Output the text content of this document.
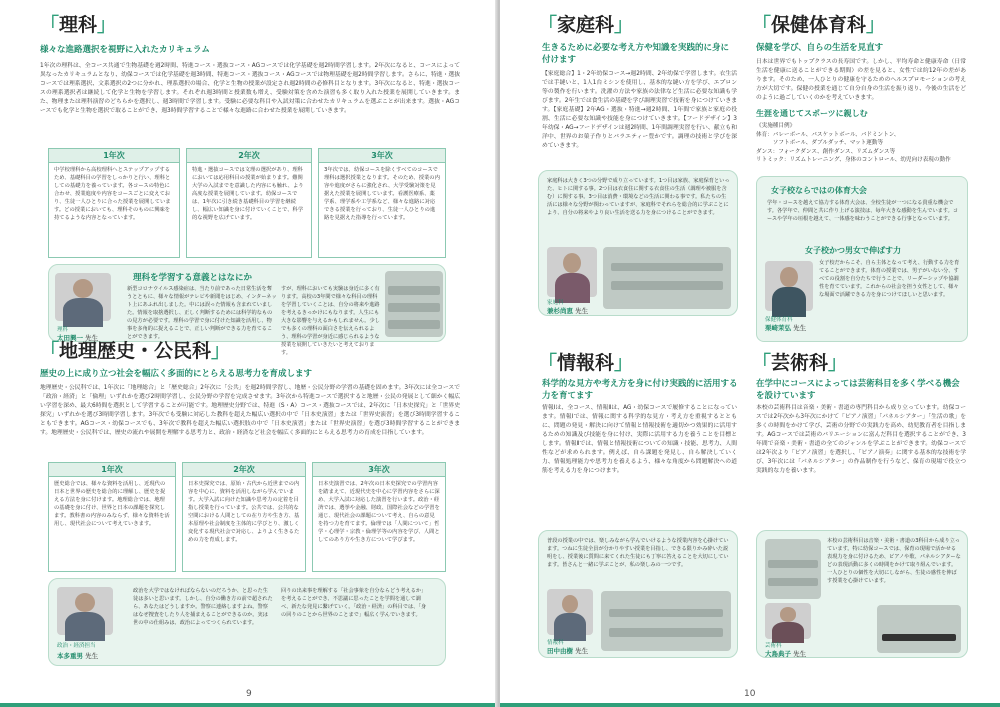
「理科」
様々な進路選択を視野に入れたカリキュラム
1年次の理科は、全コース共通で生物基礎を週2時間、特進コース・選抜コース・AGコースでは化学基礎を週2時間学習します。2年次になると、コースによって異なったカリキュラムとなり、幼保コースでは化学基礎を週3時間、特進コース・選抜コース・AGコースでは物理基礎を週2時間学習します。さらに、特進・選抜コースでは理系選択、文系選択の2つに分かれ、理系選択の場合、化学と生物の授業が設定され週2時間の必修科目となります。3年次になると、特進・選抜コースの理系選択者は継続して化学と生物を学習します。それぞれ週3時間と授業数も増え、受験対策を含めた演習も多く取り入れた授業を展開していきます。また、物理または理科演習のどちらかを選択し、週3時間で学習します。受験に必要な科目や入試対策に合わせたカリキュラムを選ぶことが出来ます。選抜・AGコースでも化学と生物を選択で取ることができ、週3時間学習することで様々な進路に合わせた授業を展開していきます。
1年次
中学校理科から高校理科へとステップアップするため、基礎科目の学習をしっかりと行い、理科としての基礎力を養っています。各コースの特色に合わせ、授業進度や内容をコースごとに変えており、生徒一人ひとりに合った授業を展開しています。どの授業においても、理科そのものに興味を持てるような内容となっています。
2年次
特進・選抜コースでは文理の選択があり、理科においては応用科目の授業が始まります。難関大学の入試までを意識した内容にも触れ、より高度な授業を展開しています。幼保コースでは、1年次に引き続き基礎科目の学習を継続し、幅広い知識を身に付けていくことで、科学的な視野を広げています。
3年次
3年次では、幼保コースを除くすべてのコースで理科は選択授業となります。そのため、授業の内容や進度がさらに強化され、大学受験対策を見据えた授業を展開しています。看護医療系、薬学系、理学系や工学系など、様々な進路に対応できる授業を行っており、生徒一人ひとりの進路を見据えた指導を行っています。
理科
太田興一 先生
理科を学習する意義とはなにか
新型コロナウイルス感染症は、当たり前であった日常生活を奪うとともに、様々な情報がテレビや新聞をはじめ、インターネット上にあふれ出しました。中には誤った情報も含まれていました。情報を取捨選択し、正しく判断するためには科学的なものの見方が必要です。理科の学習で身に付けた知識を活用し、物事を多角的に捉えることで、正しい判断ができる力を育てることができます。
すが、理科においても実験は身近に多く有ります。高校の3年間で様々な科目の理科を学習していくことは、自分の将来や進路を考えるきっかけにもなります。人生にも大きな影響を与えるかもしれません。少しでも多くの理科の面白さを伝えられるよう、理科の学習が身近に感じられるような授業を展開していきたいと考えております。
「地理歴史・公民科」
歴史の上に成り立つ社会を幅広く多面的にとらえる思考力を育成します
地理歴史・公民科では、1年次に「地理総合」と「歴史総合」2年次に「公共」を週2時間学習し、地歴・公民分野の学習の基礎を固めます。3年次には全コースで「政治・経済」と「倫理」いずれかを選び2時間学習し、公民分野の学習を完成させます。3年次から特進コースで選択すると地歴・公民の発展として細かく幅広い学習を深め、最大6時間を選択として学習することが可能です。地理歴史分野では、特進（S・A）コース・選抜コースでは、2年次に「日本史探究」と「世界史探究」いずれかを選び3時間学習します。3年次でも受験に対応した教科を超えた幅広い選択の中で「日本史演習」または「世界史演習」を選び3時間学習することもできます。AGコース・幼保コースでも、3年次で教科を超えた幅広い選択肢の中で「日本史演習」または「世界史演習」を選び3時間学習することができます。地理歴史・公民科では、歴史の流れや展開を理解する思考力と、政治・経済など社会を幅広く多面的にとらえる思考力の育成を目指しています。
1年次
歴史総合では、様々な資料を活用し、近現代の日本と世界の歴史を総合的に理解し、歴史を捉える方法を身に付けます。地理総合では、地理の基礎を身に付け、世界と日本の課題を探究します。教科書の内容のみならず、様々な資料を活用し、現代社会について考えていきます。
2年次
日本史探究では、原始・古代から近世までの内容を中心に、資料を活用しながら学んでいます。大学入試に向けた知識や思考力の定着を目指し授業を行っています。公共では、公共的な空間における人間としての在り方や生き方、基本原理や社会制度を主体的に学びとり、激しく変化する現代社会で対応し、よりよく生きるための力を育成します。
3年次
日本史演習では、2年次の日本史探究での学習内容を踏まえて、近現代史を中心に学習内容をさらに深め、大学入試に対応した演習を行います。政治・経済では、選挙や金融、財政、国際社会などの学習を通じ、現代社会の課題について考え、自らの意見を持つ力を育てます。倫理では「人間について」哲学・心理学・宗教・倫理学等の内容を学び、人間としてのあり方や生き方について学びます。
政治・経済担当
本多重男 先生
政治を大学ではなければならないのだろうか、と思った生徒は多いと思います。しかし、自分の働き方の前で超されたら、あなたはどうしますか。警察に連絡しますよね。警察はなぜ捜査をしたり人を捕まえることができるのか。実は世の中の仕組みは、政治によってつくられています。
回りの出来事を理解する「社会事象を自分ならどう考えるか」を考えることができ、不思議に思ったことを学問を通して調べ、新たな発見に繋げていく。「政治・経済」の科目では、「身の回りのことから世界のことまで」幅広く学んでいきます。
9
「家庭科」
生きるために必要な考え方や知識を実践的に身に付けます
【家庭総合】1・2年幼保コース→週2時間、2年幼保で学習します。衣生活では手縫いと、1人1台ミシンを使用し、基本的な縫い方を学び、エプロン等の製作を行います。洗濯の方法や家族の法律など生活に必要な知識も学びます。2年生では食生活の基礎を学び調理実習で技術を身につけていきます。【家庭基礎】2年AG・選抜・特進→週2時間、1年間で家族と家庭の役割、生活に必要な知識や技能を身につけていきます。【フードデザイン】3年幼保・AG→フードデザインは週2時間、1年間調理実習を行い、献立も和洋中、世界のお菓子作りとバラエティー豊かです。調理の技術と学びを深めていきます。
家庭科は大きく3つの分野で成り立っています。1つ目は家族、家庭保育といった、ヒトに関する事。2つ目は衣食住に関する衣食住の生活（調理や被服を含む）に関する事。3つ目は消費・環境などの生活に関わる事です。私たちの生活には様々な分野が関わっていますが、家庭科でそれらを総合的に学ぶことにより、自分の将来やより良い生活を送る力を身につけることができます。
家庭科
兼杉尚恵 先生
「保健体育科」
保健を学び、自らの生活を見直す
日本は世界でもトップクラスの長寿国です。しかし、平均寿命と健康寿命（日常生活を健康に送ることができる期間）の差を見ると、女性では約12年の差があります。そのため、一人ひとりの健康を守るためのヘルスプロモーションの考え方が大切です。保健の授業を通じて自分自身の生活を振り返り、今後の生活をどのように過ごしていくのかを考えていきます。
生涯を通じてスポーツに親しむ
《実施種目例》
体育：バレーボール、バスケットボール、バドミントン、
　　　ソフトボール、ダブルダッチ、マット運動等
ダンス：フォークダンス、創作ダンス、リズムダンス等
リトミック：リズムトレーニング、身体のコントロール、幼児向け表現の動作
女子校ならではの体育大会
学年・コースを越えて協力する体育大会は、全校生徒が一つになる貴重な機会です。各学年で、仲間と共に作り上げる演技は、毎年大きな感動を生んでいます。コースや学年の垣根を越えて、一体感を味わうことができる行事となっています。
女子校かつ男女で伸ばす力
女子校だからこそ、自ら主体となって考え、行動する力を育てることができます。体育の授業では、男子がいない分、すべての役割を自分たちで行うことで、リーダーシップや協調性を育てています。これからの社会を担う女性として、様々な場面で活躍できる力を身につけてほしいと思います。
保健体育科
栗崎茉弘 先生
「情報科」
科学的な見方や考え方を身に付け実践的に活用する力を育てます
情報Ⅰは、全コース、情報Ⅱは、AG・幼保コースで履修することになっています。情報Ⅰでは、情報に関する科学的な見方・考え方を重視するとともに、問題の発見・解決に向けて情報と情報技術を適切かつ効果的に活用するための知識及び技能を身に付け、実際に活用する力を養うことを目標とします。情報Ⅱでは、情報と情報技術についての知識・技能、思考力、人間性などが求められます。例えば、自ら課題を発見し、自ら解決していく力、情報処理能力や思考力を養えるよう、様々な角度から問題解決への道筋を考える力を身につけます。
普段の授業の中では、楽しみながら学んでいけるような授業内容を心掛けています。つねに生徒全員が分かりやすい授業を目指し、できる限りかみ砕いた説明をし、授業後に質問に来てくれた生徒にも丁寧に答えることを大切にしています。皆さんと一緒に学ぶことが、私の楽しみの一つです。
情報科
田中由樹 先生
「芸術科」
在学中にコースによっては芸術科目を多く学べる機会を設けています
本校の芸術科目は音楽・美術・書道の専門科目から成り立っています。幼保コースでは2年次から3年次にかけて「ピアノ演習」「パネルシアター」「生活の歌」を多くの時間をかけて学び、芸術の分野での実践力を高め、幼児教育者を目指します。AGコースでは芸術のバリエーションに富んだ科目を選択することができ、3年間で音楽・美術・書道の全てのジャンルを学ぶことができます。幼保コースでは2年次より「ピアノ演習」を選択し、「ピアノ演奏」に関する基本的な技術を学び、3年次には「パネルシアター」の作品制作を行うなど、保育の現場で役立つ実践的な力を養います。
本校の芸術科目は音楽・美術・書道の3科目から成り立っています。特に幼保コースでは、保育の現場で活かせる表現力を身に付けるため、ピアノや歌、パネルシアターなどの表現活動に多くの時間をかけて取り組んでいます。一人ひとりの個性を大切にしながら、生徒の感性を伸ばす授業を心掛けています。
芸術科
大島典子 先生
10
